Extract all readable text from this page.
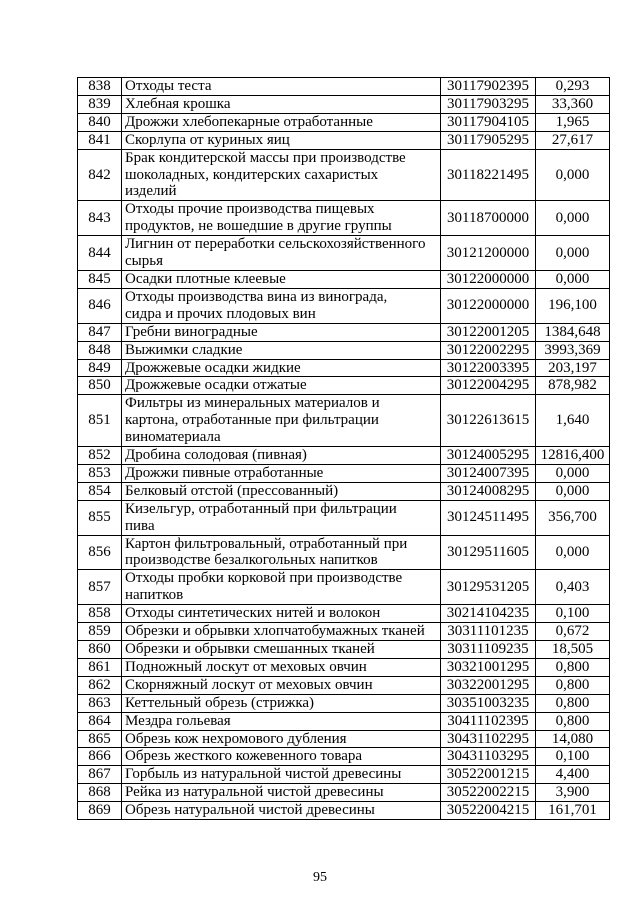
838	Отходы теста	30117902395	0,293
839	Хлебная крошка	30117903295	33,360
840	Дрожжи хлебопекарные отработанные	30117904105	1,965
841	Скорлупа от куриных яиц	30117905295	27,617
842	Брак кондитерской массы при производстве
шоколадных, кондитерских сахаристых
изделий	30118221495	0,000
843	Отходы прочие производства пищевых
продуктов, не вошедшие в другие группы	30118700000	0,000
844	Лигнин от переработки сельскохозяйственного
сырья	30121200000	0,000
845	Осадки плотные клеевые	30122000000	0,000
846	Отходы производства вина из винограда,
сидра и прочих плодовых вин	30122000000	196,100
847	Гребни виноградные	30122001205	1384,648
848	Выжимки сладкие	30122002295	3993,369
849	Дрожжевые осадки жидкие	30122003395	203,197
850	Дрожжевые осадки отжатые	30122004295	878,982
851	Фильтры из минеральных материалов и
картона, отработанные при фильтрации
виноматериала	30122613615	1,640
852	Дробина солодовая (пивная)	30124005295	12816,400
853	Дрожжи пивные отработанные	30124007395	0,000
854	Белковый отстой (прессованный)	30124008295	0,000
855	Кизельгур, отработанный при фильтрации
пива	30124511495	356,700
856	Картон фильтровальный, отработанный при
производстве безалкогольных напитков	30129511605	0,000
857	Отходы пробки корковой при производстве
напитков	30129531205	0,403
858	Отходы синтетических нитей и волокон	30214104235	0,100
859	Обрезки и обрывки хлопчатобумажных тканей	30311101235	0,672
860	Обрезки и обрывки смешанных тканей	30311109235	18,505
861	Подножный лоскут от меховых овчин	30321001295	0,800
862	Скорняжный лоскут от меховых овчин	30322001295	0,800
863	Кеттельный обрезь (стрижка)	30351003235	0,800
864	Мездра гольевая	30411102395	0,800
865	Обрезь кож нехромового дубления	30431102295	14,080
866	Обрезь жесткого кожевенного товара	30431103295	0,100
867	Горбыль из натуральной чистой древесины	30522001215	4,400
868	Рейка из натуральной чистой древесины	30522002215	3,900
869	Обрезь натуральной чистой древесины	30522004215	161,701
95
